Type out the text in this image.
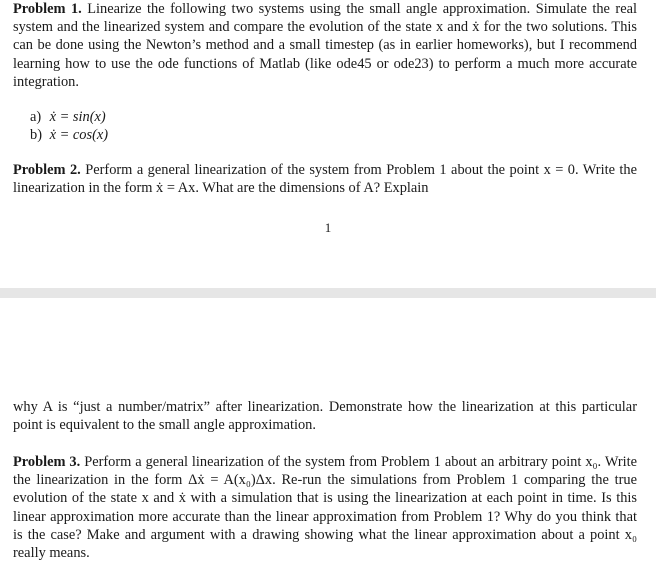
Problem 1. Linearize the following two systems using the small angle approximation. Simulate the real system and the linearized system and compare the evolution of the state x and ẋ for the two solutions. This can be done using the Newton’s method and a small timestep (as in earlier homeworks), but I recommend learning how to use the ode functions of Matlab (like ode45 or ode23) to perform a much more accurate integration.

a) ẋ = sin(x)
b) ẋ = cos(x)

Problem 2. Perform a general linearization of the system from Problem 1 about the point x = 0. Write the linearization in the form ẋ = Ax. What are the dimensions of A? Explain

1

why A is “just a number/matrix” after linearization. Demonstrate how the linearization at this particular point is equivalent to the small angle approximation.

Problem 3. Perform a general linearization of the system from Problem 1 about an arbitrary point x₀. Write the linearization in the form Δẋ = A(x₀)Δx. Re-run the simulations from Problem 1 comparing the true evolution of the state x and ẋ with a simulation that is using the linearization at each point in time. Is this linear approximation more accurate than the linear approximation from Problem 1? Why do you think that is the case? Make and argument with a drawing showing what the linear approximation about a point x₀ really means.
